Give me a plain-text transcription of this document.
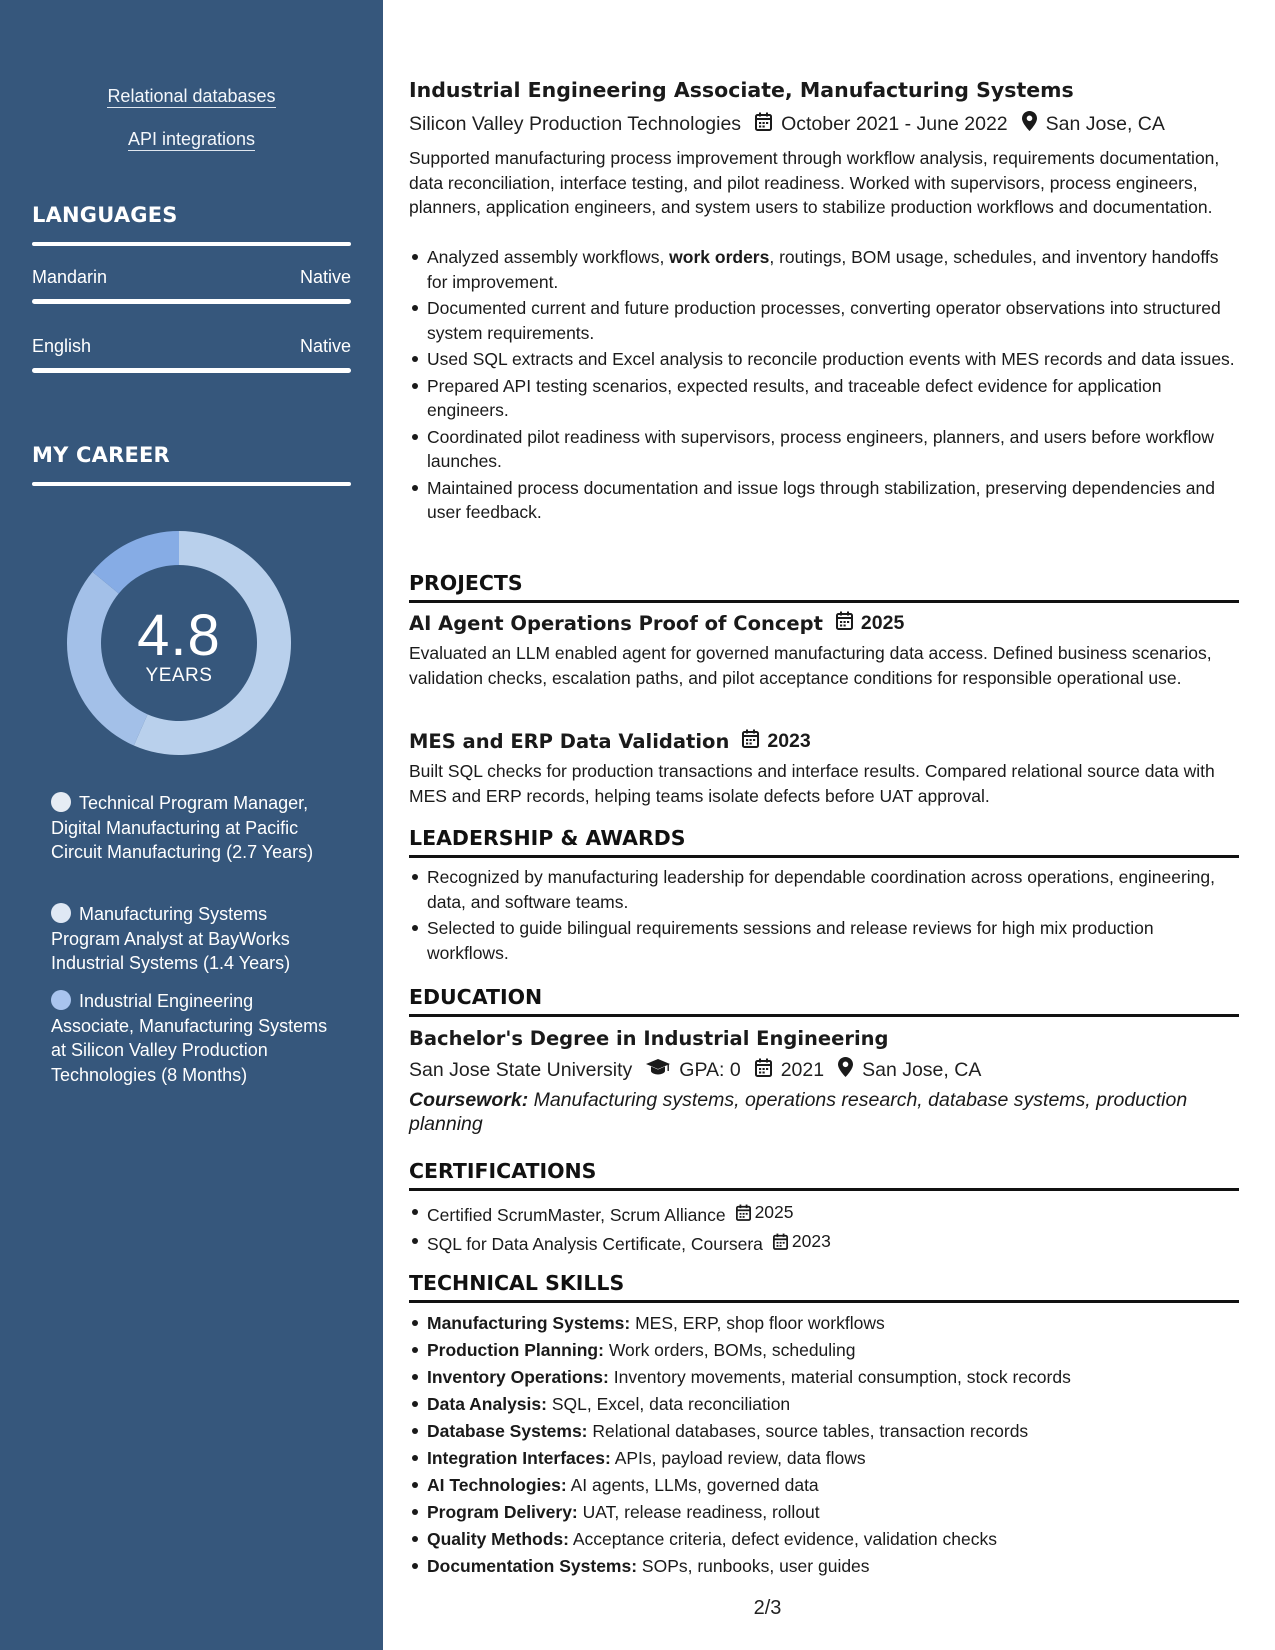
Relational databases
API integrations
LANGUAGES
Mandarin	Native
English	Native
MY CAREER
4.8
YEARS
Technical Program Manager, Digital Manufacturing at Pacific Circuit Manufacturing (2.7 Years)
Manufacturing Systems Program Analyst at BayWorks Industrial Systems (1.4 Years)
Industrial Engineering Associate, Manufacturing Systems at Silicon Valley Production Technologies (8 Months)
Industrial Engineering Associate, Manufacturing Systems
Silicon Valley Production Technologies October 2021 - June 2022 San Jose, CA
Supported manufacturing process improvement through workflow analysis, requirements documentation, data reconciliation, interface testing, and pilot readiness. Worked with supervisors, process engineers, planners, application engineers, and system users to stabilize production workflows and documentation.
Analyzed assembly workflows, work orders, routings, BOM usage, schedules, and inventory handoffs for improvement.
Documented current and future production processes, converting operator observations into structured system requirements.
Used SQL extracts and Excel analysis to reconcile production events with MES records and data issues.
Prepared API testing scenarios, expected results, and traceable defect evidence for application engineers.
Coordinated pilot readiness with supervisors, process engineers, planners, and users before workflow launches.
Maintained process documentation and issue logs through stabilization, preserving dependencies and user feedback.
PROJECTS
AI Agent Operations Proof of Concept 2025
Evaluated an LLM enabled agent for governed manufacturing data access. Defined business scenarios, validation checks, escalation paths, and pilot acceptance conditions for responsible operational use.
MES and ERP Data Validation 2023
Built SQL checks for production transactions and interface results. Compared relational source data with MES and ERP records, helping teams isolate defects before UAT approval.
LEADERSHIP & AWARDS
Recognized by manufacturing leadership for dependable coordination across operations, engineering, data, and software teams.
Selected to guide bilingual requirements sessions and release reviews for high mix production workflows.
EDUCATION
Bachelor's Degree in Industrial Engineering
San Jose State University GPA: 0 2021 San Jose, CA
Coursework: Manufacturing systems, operations research, database systems, production planning
CERTIFICATIONS
Certified ScrumMaster, Scrum Alliance 2025
SQL for Data Analysis Certificate, Coursera 2023
TECHNICAL SKILLS
Manufacturing Systems: MES, ERP, shop floor workflows
Production Planning: Work orders, BOMs, scheduling
Inventory Operations: Inventory movements, material consumption, stock records
Data Analysis: SQL, Excel, data reconciliation
Database Systems: Relational databases, source tables, transaction records
Integration Interfaces: APIs, payload review, data flows
AI Technologies: AI agents, LLMs, governed data
Program Delivery: UAT, release readiness, rollout
Quality Methods: Acceptance criteria, defect evidence, validation checks
Documentation Systems: SOPs, runbooks, user guides
2/3
